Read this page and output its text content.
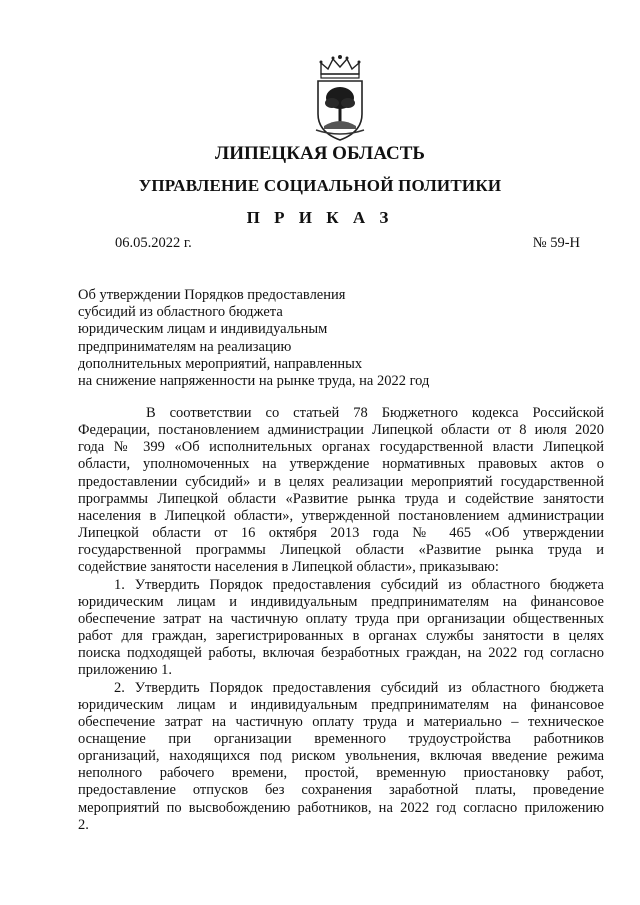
ЛИПЕЦКАЯ ОБЛАСТЬ
УПРАВЛЕНИЕ СОЦИАЛЬНОЙ ПОЛИТИКИ
П Р И К А З
06.05.2022 г.	№ 59-Н
Об утверждении Порядков предоставления
субсидий из областного бюджета
юридическим лицам и индивидуальным
предпринимателям на реализацию
дополнительных мероприятий, направленных
на снижение напряженности на рынке труда, на 2022 год
В соответствии со статьей 78 Бюджетного кодекса Российской
Федерации, постановлением администрации Липецкой области от 8 июля 2020
года № 399 «Об исполнительных органах государственной власти Липецкой
области, уполномоченных на утверждение нормативных правовых актов о
предоставлении субсидий» и в целях реализации мероприятий государственной
программы Липецкой области «Развитие рынка труда и содействие занятости
населения в Липецкой области», утвержденной постановлением администрации
Липецкой области от 16 октября 2013 года № 465 «Об утверждении
государственной программы Липецкой области «Развитие рынка труда и
содействие занятости населения в Липецкой области», приказываю:
1. Утвердить Порядок предоставления субсидий из областного бюджета
юридическим лицам и индивидуальным предпринимателям на финансовое
обеспечение затрат на частичную оплату труда при организации общественных
работ для граждан, зарегистрированных в органах службы занятости в целях
поиска подходящей работы, включая безработных граждан, на 2022 год согласно
приложению 1.
2. Утвердить Порядок предоставления субсидий из областного бюджета
юридическим лицам и индивидуальным предпринимателям на финансовое
обеспечение затрат на частичную оплату труда и материально – техническое
оснащение при организации временного трудоустройства работников
организаций, находящихся под риском увольнения, включая введение режима
неполного рабочего времени, простой, временную приостановку работ,
предоставление отпусков без сохранения заработной платы, проведение
мероприятий по высвобождению работников, на 2022 год согласно приложению
2.
